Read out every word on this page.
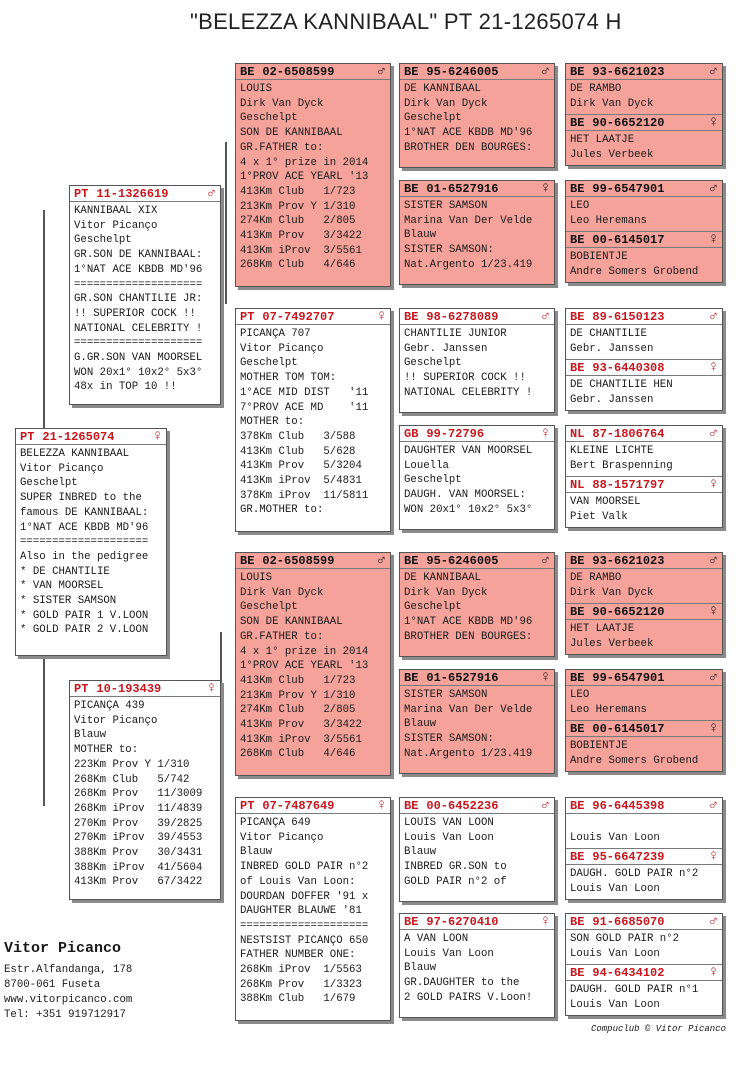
"BELEZZA KANNIBAAL" PT 21-1265074 H
PT 11-1326619	♂
KANNIBAAL XIX
Vitor Picanço
Geschelpt
GR.SON DE KANNIBAAL:
1°NAT ACE KBDB MD'96
====================
GR.SON CHANTILIE JR:
!! SUPERIOR COCK !!
NATIONAL CELEBRITY !
====================
G.GR.SON VAN MOORSEL
WON 20x1° 10x2° 5x3°
48x in TOP 10 !!
PT 21-1265074	♀
BELEZZA KANNIBAAL
Vitor Picanço
Geschelpt
SUPER INBRED to the
famous DE KANNIBAAL:
1°NAT ACE KBDB MD'96
====================
Also in the pedigree
* DE CHANTILIE
* VAN MOORSEL
* SISTER SAMSON
* GOLD PAIR 1 V.LOON
* GOLD PAIR 2 V.LOON
PT 10-193439	♀
PICANÇA 439
Vitor Picanço
Blauw
MOTHER to:
223Km Prov Y 1/310
268Km Club   5/742
268Km Prov   11/3009
268Km iProv  11/4839
270Km Prov   39/2825
270Km iProv  39/4553
388Km Prov   30/3431
388Km iProv  41/5604
413Km Prov   67/3422
BE 02-6508599	♂
LOUIS
Dirk Van Dyck
Geschelpt
SON DE KANNIBAAL
GR.FATHER to:
4 x 1° prize in 2014
1°PROV ACE YEARL '13
413Km Club   1/723
213Km Prov Y 1/310
274Km Club   2/805
413Km Prov   3/3422
413Km iProv  3/5561
268Km Club   4/646
PT 07-7492707	♀
PICANÇA 707
Vitor Picanço
Geschelpt
MOTHER TOM TOM:
1°ACE MID DIST   '11
7°PROV ACE MD    '11
MOTHER to:
378Km Club   3/588
413Km Club   5/628
413Km Prov   5/3204
413Km iProv  5/4831
378Km iProv  11/5811
GR.MOTHER to:
BE 02-6508599	♂
LOUIS
Dirk Van Dyck
Geschelpt
SON DE KANNIBAAL
GR.FATHER to:
4 x 1° prize in 2014
1°PROV ACE YEARL '13
413Km Club   1/723
213Km Prov Y 1/310
274Km Club   2/805
413Km Prov   3/3422
413Km iProv  3/5561
268Km Club   4/646
PT 07-7487649	♀
PICANÇA 649
Vitor Picanço
Blauw
INBRED GOLD PAIR n°2
of Louis Van Loon:
DOURDAN DOFFER '91 x
DAUGHTER BLAUWE '81
====================
NESTSIST PICANÇO 650
FATHER NUMBER ONE:
268Km iProv  1/5563
268Km Prov   1/3323
388Km Club   1/679
BE 95-6246005	♂
DE KANNIBAAL
Dirk Van Dyck
Geschelpt
1°NAT ACE KBDB MD'96
BROTHER DEN BOURGES:
BE 01-6527916	♀
SISTER SAMSON
Marina Van Der Velde
Blauw
SISTER SAMSON:
Nat.Argento 1/23.419
BE 98-6278089	♂
CHANTILIE JUNIOR
Gebr. Janssen
Geschelpt
!! SUPERIOR COCK !!
NATIONAL CELEBRITY !
GB 99-72796	♀
DAUGHTER VAN MOORSEL
Louella
Geschelpt
DAUGH. VAN MOORSEL:
WON 20x1° 10x2° 5x3°
BE 95-6246005	♂
DE KANNIBAAL
Dirk Van Dyck
Geschelpt
1°NAT ACE KBDB MD'96
BROTHER DEN BOURGES:
BE 01-6527916	♀
SISTER SAMSON
Marina Van Der Velde
Blauw
SISTER SAMSON:
Nat.Argento 1/23.419
BE 00-6452236	♂
LOUIS VAN LOON
Louis Van Loon
Blauw
INBRED GR.SON to
GOLD PAIR n°2 of
BE 97-6270410	♀
A VAN LOON
Louis Van Loon
Blauw
GR.DAUGHTER to the
2 GOLD PAIRS V.Loon!
BE 93-6621023	♂
DE RAMBO
Dirk Van Dyck
BE 90-6652120	♀
HET LAATJE
Jules Verbeek
BE 99-6547901	♂
LEO
Leo Heremans
BE 00-6145017	♀
BOBIENTJE
Andre Somers Grobend
BE 89-6150123	♂
DE CHANTILIE
Gebr. Janssen
BE 93-6440308	♀
DE CHANTILIE HEN
Gebr. Janssen
NL 87-1806764	♂
KLEINE LICHTE
Bert Braspenning
NL 88-1571797	♀
VAN MOORSEL
Piet Valk
BE 93-6621023	♂
DE RAMBO
Dirk Van Dyck
BE 90-6652120	♀
HET LAATJE
Jules Verbeek
BE 99-6547901	♂
LEO
Leo Heremans
BE 00-6145017	♀
BOBIENTJE
Andre Somers Grobend
BE 96-6445398	♂
Louis Van Loon
BE 95-6647239	♀
DAUGH. GOLD PAIR n°2
Louis Van Loon
BE 91-6685070	♂
SON GOLD PAIR n°2
Louis Van Loon
BE 94-6434102	♀
DAUGH. GOLD PAIR n°1
Louis Van Loon
Vitor Picanco
Estr.Alfandanga, 178
8700-061 Fuseta
www.vitorpicanco.com
Tel: +351 919712917
Compuclub © Vitor Picanco
